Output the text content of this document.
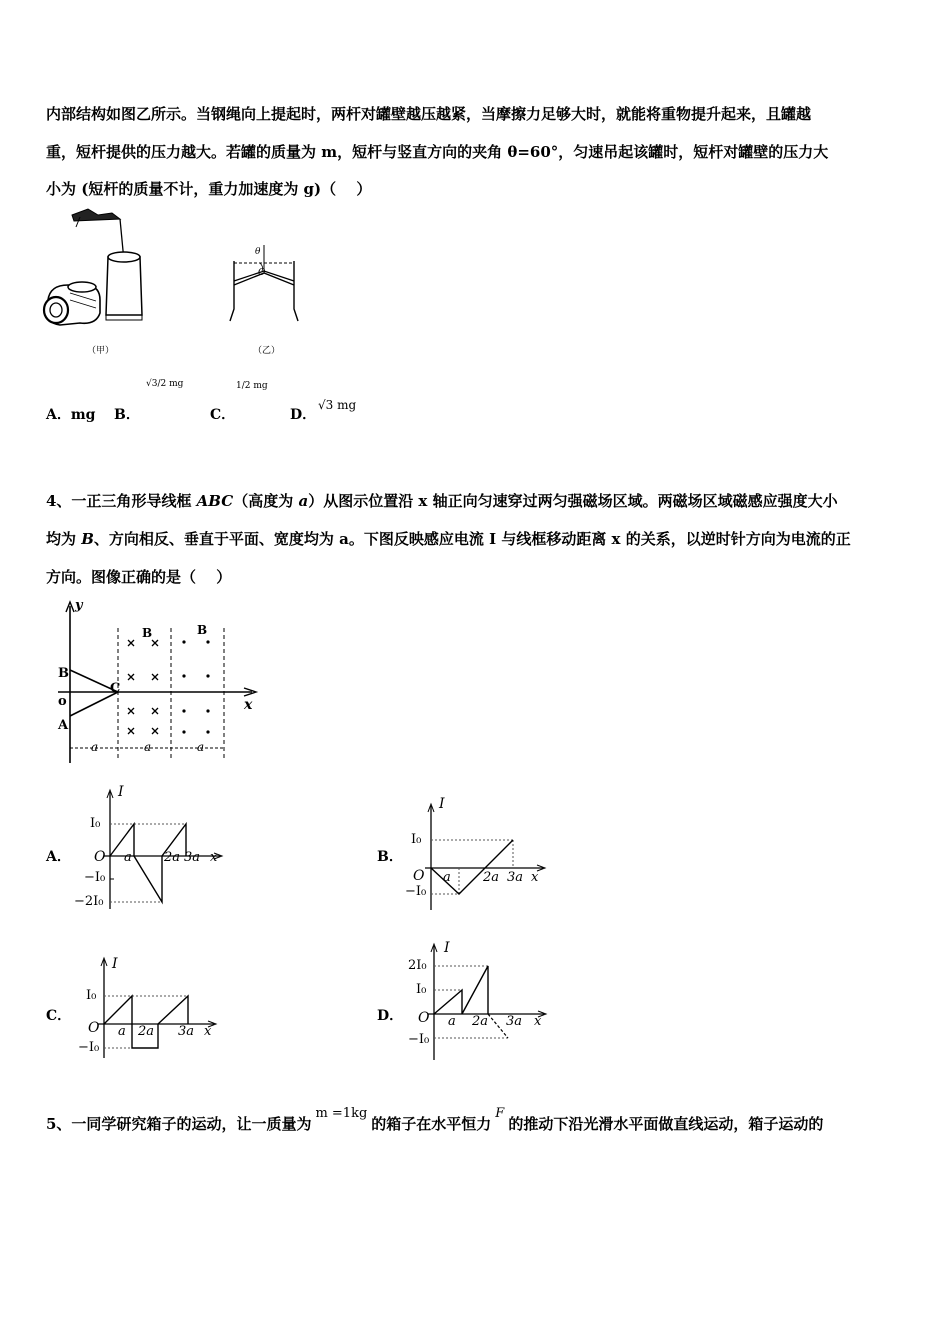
内部结构如图乙所示。当钢绳向上提起时，两杆对罐壁越压越紧，当摩擦力足够大时，就能将重物提升起来，且罐越
重，短杆提供的压力越大。若罐的质量为 m，短杆与竖直方向的夹角 θ=60°，匀速吊起该罐时，短杆对罐壁的压力大
小为 (短杆的质量不计，重力加速度为 g)（　 ）
（甲）
θ
O
（乙）
A．mg B．
√3/2 mg
C．
1/2 mg
D．
√3 mg
4、一正三角形导线框 ABC（高度为 a）从图示位置沿 x 轴正向匀速穿过两匀强磁场区域。两磁场区域磁感应强度大小
均为 B、方向相反、垂直于平面、宽度均为 a。下图反映感应电流 I 与线框移动距离 x 的关系，以逆时针方向为电流的正
方向。图像正确的是（　 ）
y
x
B
o
A
C
B	B
a	a	a
A．	B．
C．	D．
I
I₀
O a 2a 3a x
−I₀
−2I₀
I
I₀
O a 2a 3a x
−I₀
I
I₀
O a 2a 3a x
−I₀
I
2I₀
I₀
O a 2a 3a x
−I₀
5、一同学研究箱子的运动，让一质量为m =1kg的箱子在水平恒力F的推动下沿光滑水平面做直线运动，箱子运动的
